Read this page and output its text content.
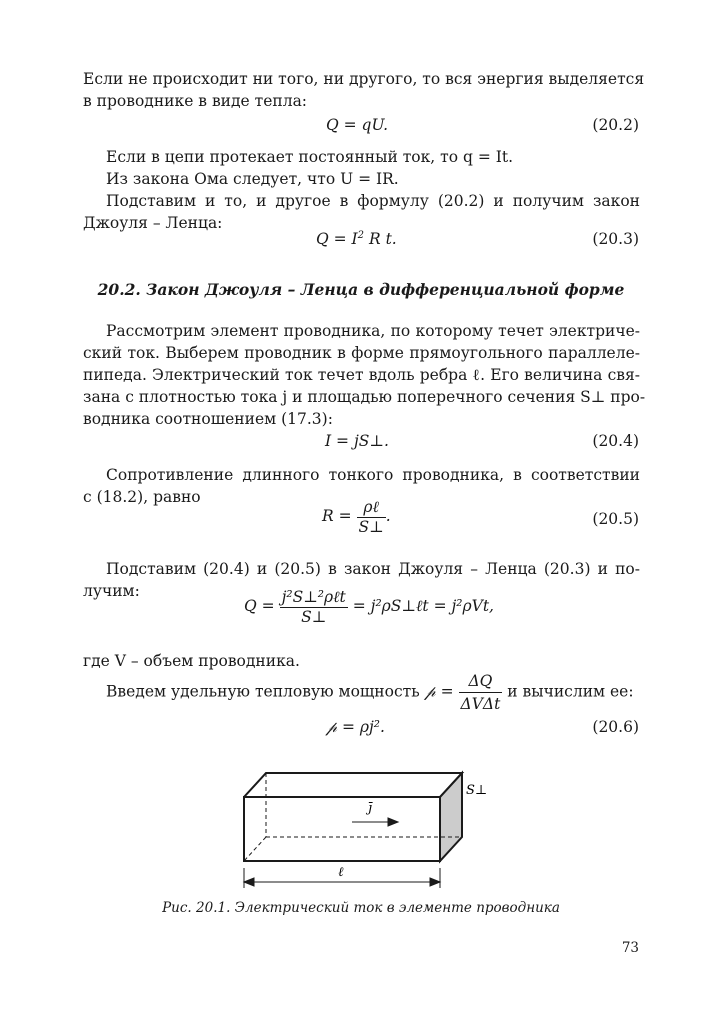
Если не происходит ни того, ни другого, то вся энергия выделяется
в проводнике в виде тепла:
Q = qU.	(20.2)
Если в цепи протекает постоянный ток, то q = It.
Из закона Ома следует, что U = IR.
Подставим и то, и другое в формулу (20.2) и получим закон
Джоуля – Ленца:
$Q = I^2$ R t.	(20.3)
20.2. Закон Джоуля – Ленца в дифференциальной форме
Рассмотрим элемент проводника, по которому течет электриче-
ский ток. Выберем проводник в форме прямоугольного параллеле-
пипеда. Электрический ток течет вдоль ребра ℓ. Его величина свя-
зана с плотностью тока j и площадью поперечного сечения S⊥ про-
водника соотношением (17.3):
I = jS⊥.	(20.4)
Сопротивление длинного тонкого проводника, в соответствии
с (18.2), равно
$R = \frac{\text{ρℓ}}{S\perp}$ .	(20.5)
Подставим (20.4) и (20.5) в закон Джоуля – Ленца (20.3) и по-
лучим:
$Q = \frac{\text{j²S⊥²ρℓt}}{S\perp}$ = j²ρS⊥ℓt = j²ρVt,
где V – объем проводника.
Введем удельную тепловую мощность 𝓅 = $\frac{\Delta Q}{\text{ΔVΔt}}$ и вычислим ее:
𝓅 = ρj².	(20.6)
j̄
S⊥
ℓ
Рис. 20.1. Электрический ток в элементе проводника
73
